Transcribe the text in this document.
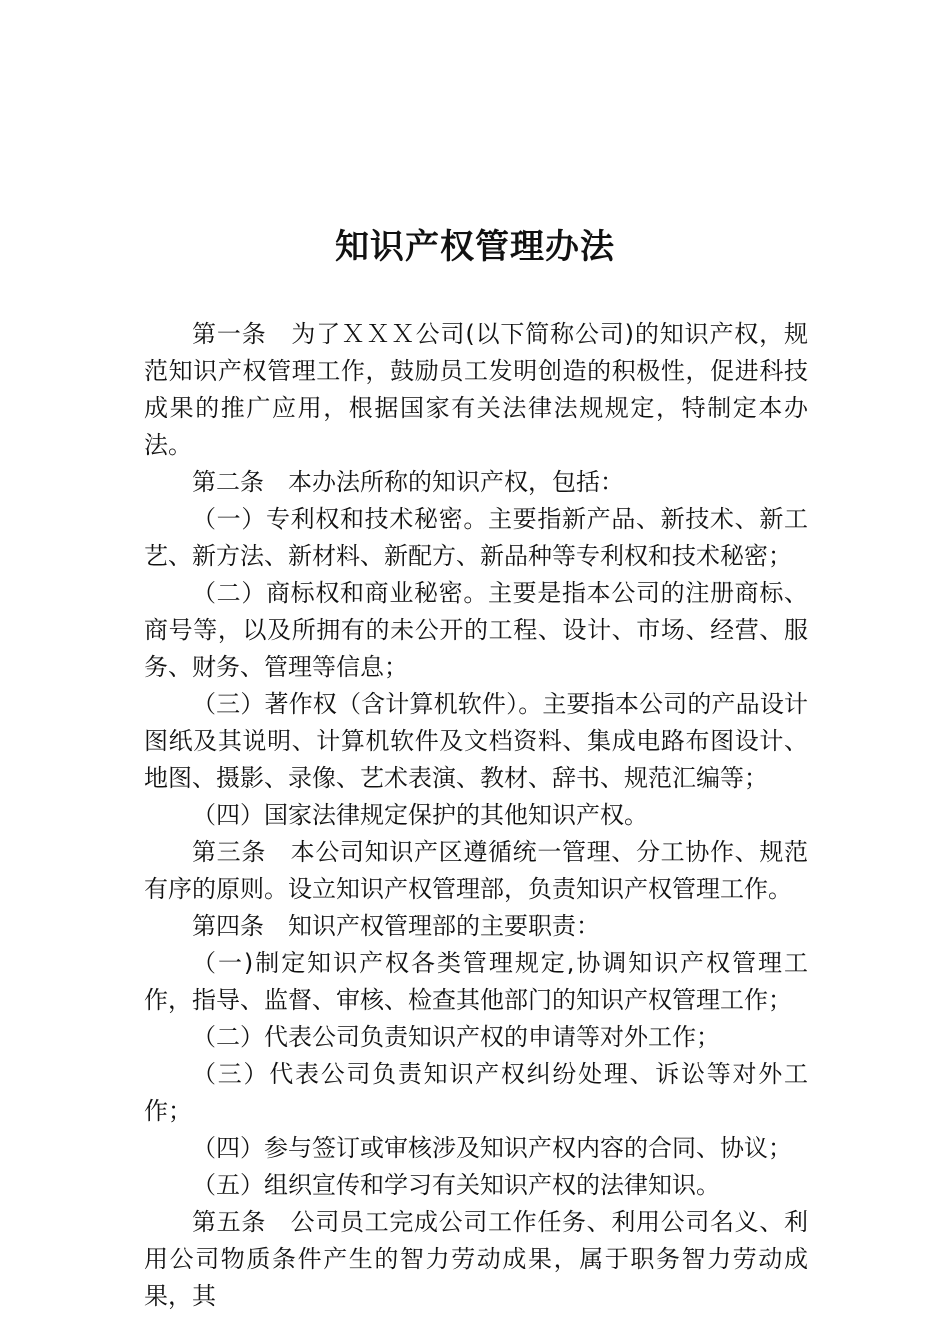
知识产权管理办法

第一条　为了ＸＸＸ公司(以下简称公司)的知识产权，规范知识产权管理工作，鼓励员工发明创造的积极性，促进科技成果的推广应用，根据国家有关法律法规规定，特制定本办法。

第二条　本办法所称的知识产权，包括：

（一）专利权和技术秘密。主要指新产品、新技术、新工艺、新方法、新材料、新配方、新品种等专利权和技术秘密；

（二）商标权和商业秘密。主要是指本公司的注册商标、商号等，以及所拥有的未公开的工程、设计、市场、经营、服务、财务、管理等信息；

（三）著作权（含计算机软件）。主要指本公司的产品设计图纸及其说明、计算机软件及文档资料、集成电路布图设计、地图、摄影、录像、艺术表演、教材、辞书、规范汇编等；

（四）国家法律规定保护的其他知识产权。

第三条　本公司知识产区遵循统一管理、分工协作、规范有序的原则。设立知识产权管理部，负责知识产权管理工作。

第四条　知识产权管理部的主要职责：

（一)制定知识产权各类管理规定,协调知识产权管理工作，指导、监督、审核、检查其他部门的知识产权管理工作；

（二）代表公司负责知识产权的申请等对外工作；

（三）代表公司负责知识产权纠纷处理、诉讼等对外工作；

（四）参与签订或审核涉及知识产权内容的合同、协议；

（五）组织宣传和学习有关知识产权的法律知识。

第五条　公司员工完成公司工作任务、利用公司名义、利用公司物质条件产生的智力劳动成果，属于职务智力劳动成果，其
